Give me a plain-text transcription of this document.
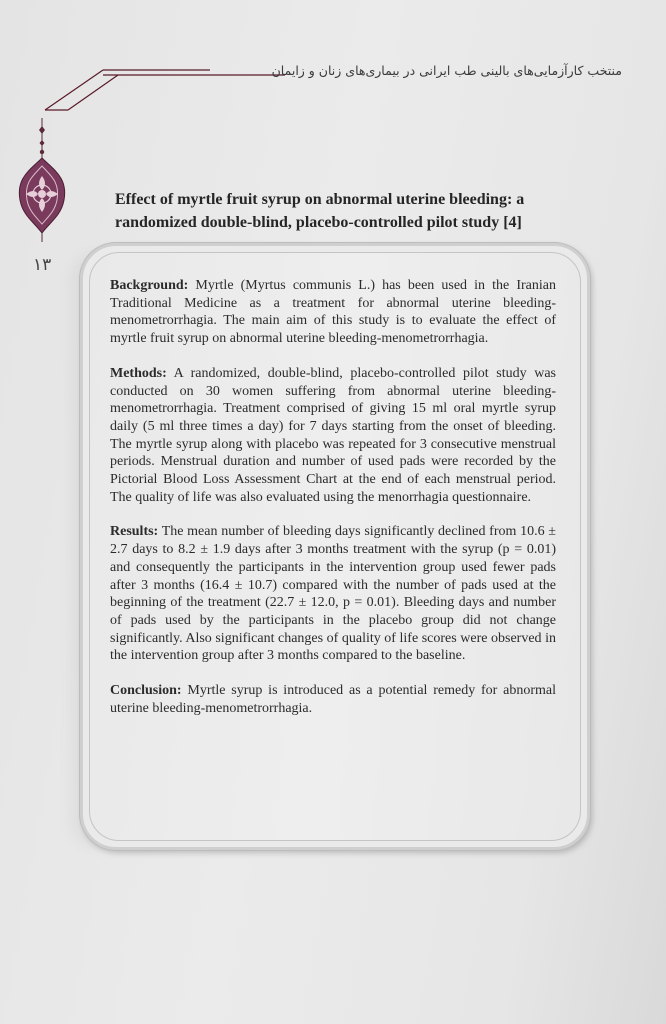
منتخب کارآزمایی‌های بالینی طب ایرانی در بیماری‌های زنان و زایمان
۱۳
Effect of myrtle fruit syrup on abnormal uterine bleeding: a randomized double-blind, placebo-controlled pilot study [4]

Background: Myrtle (Myrtus communis L.) has been used in the Iranian Traditional Medicine as a treatment for abnormal uterine bleeding-menometrorrhagia. The main aim of this study is to evaluate the effect of myrtle fruit syrup on abnormal uterine bleeding-menometrorrhagia.

Methods: A randomized, double-blind, placebo-controlled pilot study was conducted on 30 women suffering from abnormal uterine bleeding-menometrorrhagia. Treatment comprised of giving 15 ml oral myrtle syrup daily (5 ml three times a day) for 7 days starting from the onset of bleeding. The myrtle syrup along with placebo was repeated for 3 consecutive menstrual periods. Menstrual duration and number of used pads were recorded by the Pictorial Blood Loss Assessment Chart at the end of each menstrual period. The quality of life was also evaluated using the menorrhagia questionnaire.

Results: The mean number of bleeding days significantly declined from 10.6 ± 2.7 days to 8.2 ± 1.9 days after 3 months treatment with the syrup (p = 0.01) and consequently the participants in the intervention group used fewer pads after 3 months (16.4 ± 10.7) compared with the number of pads used at the beginning of the treatment (22.7 ± 12.0, p = 0.01). Bleeding days and number of pads used by the participants in the placebo group did not change significantly. Also significant changes of quality of life scores were observed in the intervention group after 3 months compared to the baseline.

Conclusion: Myrtle syrup is introduced as a potential remedy for abnormal uterine bleeding-menometrorrhagia.
